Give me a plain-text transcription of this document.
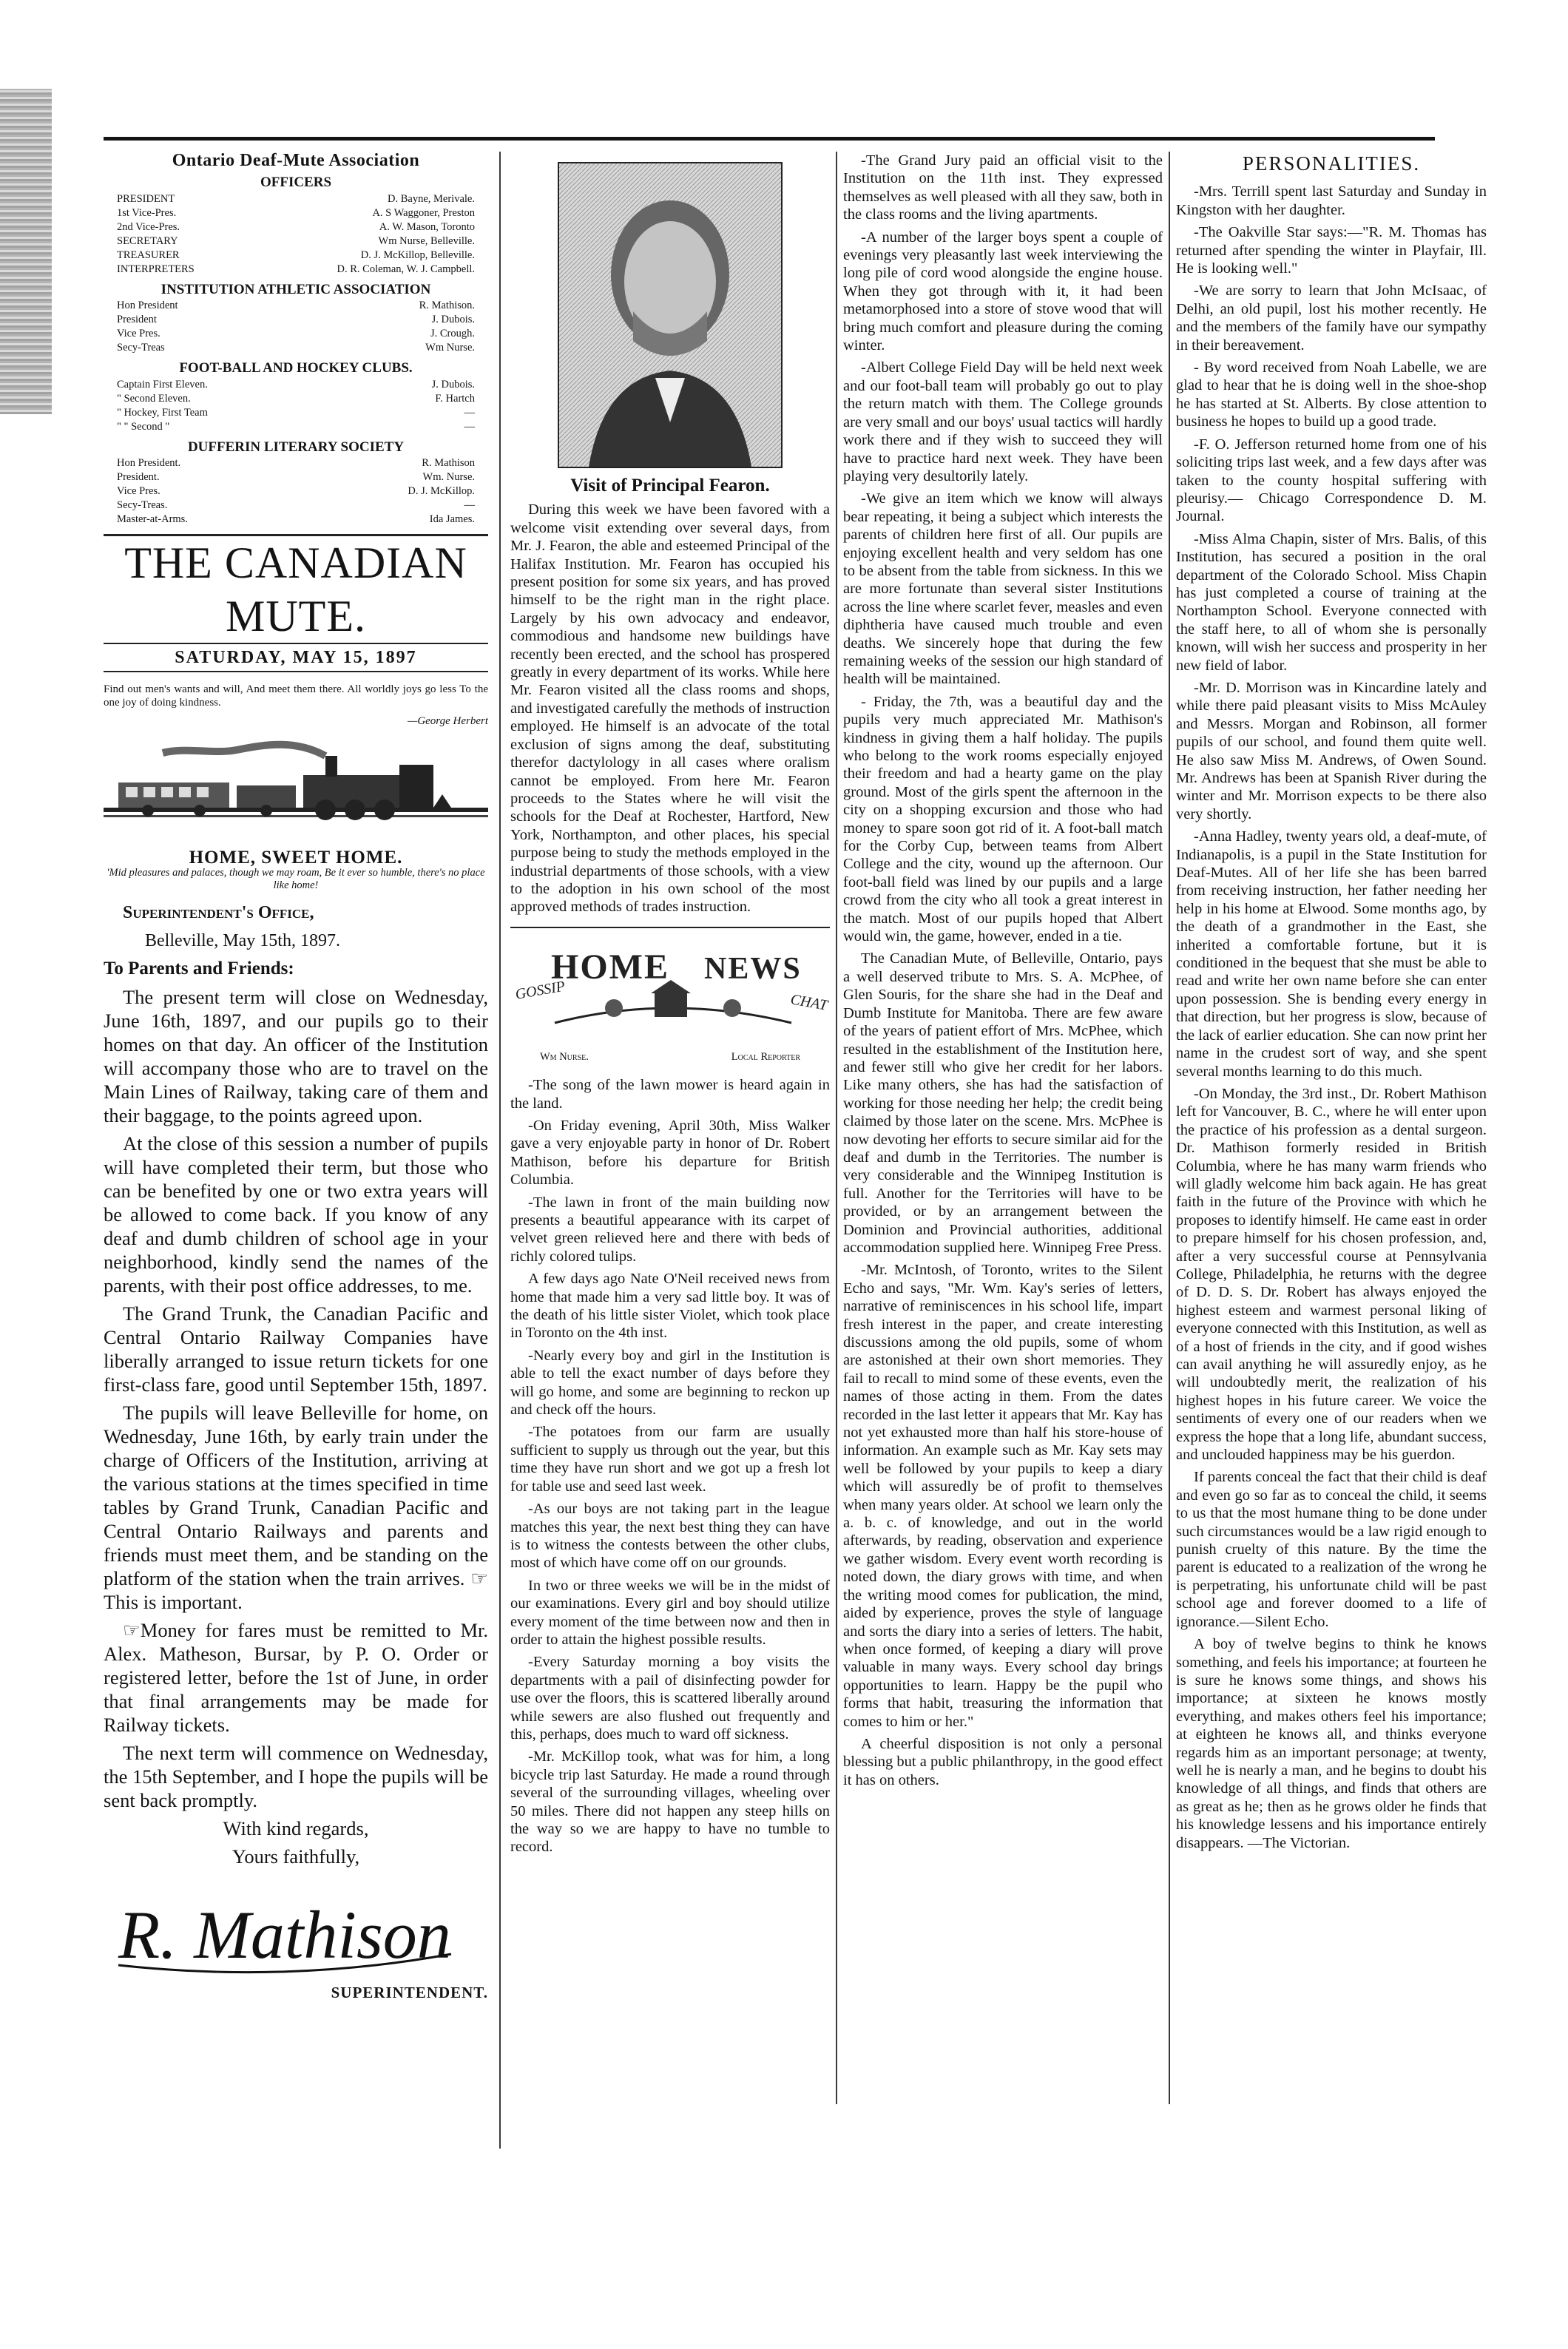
Ontario Deaf-Mute Association
OFFICERS
PRESIDENT	D. Bayne, Merivale.
1st Vice-Pres.	A. S Waggoner, Preston
2nd Vice-Pres.	A. W. Mason, Toronto
SECRETARY	Wm Nurse, Belleville.
TREASURER	D. J. McKillop, Belleville.
INTERPRETERS	D. R. Coleman, W. J. Campbell.
INSTITUTION ATHLETIC ASSOCIATION
Hon President	R. Mathison.
President	J. Dubois.
Vice Pres.	J. Crough.
Secy-Treas	Wm Nurse.
FOOT-BALL AND HOCKEY CLUBS.
Captain First Eleven.	J. Dubois.
" Second Eleven.	F. Hartch
" Hockey, First Team	—
" " Second "	—
DUFFERIN LITERARY SOCIETY
Hon President.	R. Mathison
President.	Wm. Nurse.
Vice Pres.	D. J. McKillop.
Secy-Treas.	—
Master-at-Arms.	Ida James.
THE CANADIAN MUTE.
SATURDAY, MAY 15, 1897
Find out men's wants and will, And meet them there. All worldly joys go less To the one joy of doing kindness.
—George Herbert
HOME, SWEET HOME.
'Mid pleasures and palaces, though we may roam, Be it ever so humble, there's no place like home!

Superintendent's Office,

Belleville, May 15th, 1897.

To Parents and Friends:

The present term will close on Wednesday, June 16th, 1897, and our pupils go to their homes on that day. An officer of the Institution will accompany those who are to travel on the Main Lines of Railway, taking care of them and their baggage, to the points agreed upon.

At the close of this session a number of pupils will have completed their term, but those who can be benefited by one or two extra years will be allowed to come back. If you know of any deaf and dumb children of school age in your neighborhood, kindly send the names of the parents, with their post office addresses, to me.

The Grand Trunk, the Canadian Pacific and Central Ontario Railway Companies have liberally arranged to issue return tickets for one first-class fare, good until September 15th, 1897.

The pupils will leave Belleville for home, on Wednesday, June 16th, by early train under the charge of Officers of the Institution, arriving at the various stations at the times specified in time tables by Grand Trunk, Canadian Pacific and Central Ontario Railways and parents and friends must meet them, and be standing on the platform of the station when the train arrives. ☞This is important.

☞Money for fares must be remitted to Mr. Alex. Matheson, Bursar, by P. O. Order or registered letter, before the 1st of June, in order that final arrangements may be made for Railway tickets.

The next term will commence on Wednesday, the 15th September, and I hope the pupils will be sent back promptly.

With kind regards,

Yours faithfully,

R. Mathison
SUPERINTENDENT.
Visit of Principal Fearon.

During this week we have been favored with a welcome visit extending over several days, from Mr. J. Fearon, the able and esteemed Principal of the Halifax Institution. Mr. Fearon has occupied his present position for some six years, and has proved himself to be the right man in the right place. Largely by his own advocacy and endeavor, commodious and handsome new buildings have recently been erected, and the school has prospered greatly in every department of its works. While here Mr. Fearon visited all the class rooms and shops, and investigated carefully the methods of instruction employed. He himself is an advocate of the total exclusion of signs among the deaf, substituting therefor dactylology in all cases where oralism cannot be employed. From here Mr. Fearon proceeds to the States where he will visit the schools for the Deaf at Rochester, Hartford, New York, Northampton, and other places, his special purpose being to study the methods employed in the industrial departments of those schools, with a view to the adoption in his own school of the most approved methods of trades instruction.

GOSSIP
HOME NEWS
CHAT
Wm Nurse.	Local Reporter

-The song of the lawn mower is heard again in the land.

-On Friday evening, April 30th, Miss Walker gave a very enjoyable party in honor of Dr. Robert Mathison, before his departure for British Columbia.

-The lawn in front of the main building now presents a beautiful appearance with its carpet of velvet green relieved here and there with beds of richly colored tulips.

A few days ago Nate O'Neil received news from home that made him a very sad little boy. It was of the death of his little sister Violet, which took place in Toronto on the 4th inst.

-Nearly every boy and girl in the Institution is able to tell the exact number of days before they will go home, and some are beginning to reckon up and check off the hours.

-The potatoes from our farm are usually sufficient to supply us through out the year, but this time they have run short and we got up a fresh lot for table use and seed last week.

-As our boys are not taking part in the league matches this year, the next best thing they can have is to witness the contests between the other clubs, most of which have come off on our grounds.

In two or three weeks we will be in the midst of our examinations. Every girl and boy should utilize every moment of the time between now and then in order to attain the highest possible results.

-Every Saturday morning a boy visits the departments with a pail of disinfecting powder for use over the floors, this is scattered liberally around while sewers are also flushed out frequently and this, perhaps, does much to ward off sickness.

-Mr. McKillop took, what was for him, a long bicycle trip last Saturday. He made a round through several of the surrounding villages, wheeling over 50 miles. There did not happen any steep hills on the way so we are happy to have no tumble to record.

-The Grand Jury paid an official visit to the Institution on the 11th inst. They expressed themselves as well pleased with all they saw, both in the class rooms and the living apartments.

-A number of the larger boys spent a couple of evenings very pleasantly last week interviewing the long pile of cord wood alongside the engine house. When they got through with it, it had been metamorphosed into a store of stove wood that will bring much comfort and pleasure during the coming winter.

-Albert College Field Day will be held next week and our foot-ball team will probably go out to play the return match with them. The College grounds are very small and our boys' usual tactics will hardly work there and if they wish to succeed they will have to practice hard next week. They have been playing very desultorily lately.

-We give an item which we know will always bear repeating, it being a subject which interests the parents of children here first of all. Our pupils are enjoying excellent health and very seldom has one to be absent from the table from sickness. In this we are more fortunate than several sister Institutions across the line where scarlet fever, measles and even diphtheria have caused much trouble and even deaths. We sincerely hope that during the few remaining weeks of the session our high standard of health will be maintained.

- Friday, the 7th, was a beautiful day and the pupils very much appreciated Mr. Mathison's kindness in giving them a half holiday. The pupils who belong to the work rooms especially enjoyed their freedom and had a hearty game on the play ground. Most of the girls spent the afternoon in the city on a shopping excursion and those who had money to spare soon got rid of it. A foot-ball match for the Corby Cup, between teams from Albert College and the city, wound up the afternoon. Our foot-ball field was lined by our pupils and a large crowd from the city who all took a great interest in the match. Most of our pupils hoped that Albert would win, the game, however, ended in a tie.

The Canadian Mute, of Belleville, Ontario, pays a well deserved tribute to Mrs. S. A. McPhee, of Glen Souris, for the share she had in the Deaf and Dumb Institute for Manitoba. There are few aware of the years of patient effort of Mrs. McPhee, which resulted in the establishment of the Institution here, and fewer still who give her credit for her labors. Like many others, she has had the satisfaction of working for those needing her help; the credit being claimed by those later on the scene. Mrs. McPhee is now devoting her efforts to secure similar aid for the deaf and dumb in the Territories. The number is very considerable and the Winnipeg Institution is full. Another for the Territories will have to be provided, or by an arrangement between the Dominion and Provincial authorities, additional accommodation supplied here. Winnipeg Free Press.

-Mr. McIntosh, of Toronto, writes to the Silent Echo and says, "Mr. Wm. Kay's series of letters, narrative of reminiscences in his school life, impart fresh interest in the paper, and create interesting discussions among the old pupils, some of whom are astonished at their own short memories. They fail to recall to mind some of these events, even the names of those acting in them. From the dates recorded in the last letter it appears that Mr. Kay has not yet exhausted more than half his store-house of information. An example such as Mr. Kay sets may well be followed by your pupils to keep a diary which will assuredly be of profit to themselves when many years older. At school we learn only the a. b. c. of knowledge, and out in the world afterwards, by reading, observation and experience we gather wisdom. Every event worth recording is noted down, the diary grows with time, and when the writing mood comes for publication, the mind, aided by experience, proves the style of language and sorts the diary into a series of letters. The habit, when once formed, of keeping a diary will prove valuable in many ways. Every school day brings opportunities to learn. Happy be the pupil who forms that habit, treasuring the information that comes to him or her."

A cheerful disposition is not only a personal blessing but a public philanthropy, in the good effect it has on others.

PERSONALITIES.

-Mrs. Terrill spent last Saturday and Sunday in Kingston with her daughter.

-The Oakville Star says:—"R. M. Thomas has returned after spending the winter in Playfair, Ill. He is looking well."

-We are sorry to learn that John McIsaac, of Delhi, an old pupil, lost his mother recently. He and the members of the family have our sympathy in their bereavement.

- By word received from Noah Labelle, we are glad to hear that he is doing well in the shoe-shop he has started at St. Alberts. By close attention to business he hopes to build up a good trade.

-F. O. Jefferson returned home from one of his soliciting trips last week, and a few days after was taken to the county hospital suffering with pleurisy.— Chicago Correspondence D. M. Journal.

-Miss Alma Chapin, sister of Mrs. Balis, of this Institution, has secured a position in the oral department of the Colorado School. Miss Chapin has just completed a course of training at the Northampton School. Everyone connected with the staff here, to all of whom she is personally known, will wish her success and prosperity in her new field of labor.

-Mr. D. Morrison was in Kincardine lately and while there paid pleasant visits to Miss McAuley and Messrs. Morgan and Robinson, all former pupils of our school, and found them quite well. He also saw Miss M. Andrews, of Owen Sound. Mr. Andrews has been at Spanish River during the winter and Mr. Morrison expects to be there also very shortly.

-Anna Hadley, twenty years old, a deaf-mute, of Indianapolis, is a pupil in the State Institution for Deaf-Mutes. All of her life she has been barred from receiving instruction, her father needing her help in his home at Elwood. Some months ago, by the death of a grandmother in the East, she inherited a comfortable fortune, but it is conditioned in the bequest that she must be able to read and write her own name before she can enter upon possession. She is bending every energy in that direction, but her progress is slow, because of the lack of earlier education. She can now print her name in the crudest sort of way, and she spent several months learning to do this much.

-On Monday, the 3rd inst., Dr. Robert Mathison left for Vancouver, B. C., where he will enter upon the practice of his profession as a dental surgeon. Dr. Mathison formerly resided in British Columbia, where he has many warm friends who will gladly welcome him back again. He has great faith in the future of the Province with which he proposes to identify himself. He came east in order to prepare himself for his chosen profession, and, after a very successful course at Pennsylvania College, Philadelphia, he returns with the degree of D. D. S. Dr. Robert has always enjoyed the highest esteem and warmest personal liking of everyone connected with this Institution, as well as of a host of friends in the city, and if good wishes can avail anything he will assuredly enjoy, as he will undoubtedly merit, the realization of his highest hopes in his future career. We voice the sentiments of every one of our readers when we express the hope that a long life, abundant success, and unclouded happiness may be his guerdon.

If parents conceal the fact that their child is deaf and even go so far as to conceal the child, it seems to us that the most humane thing to be done under such circumstances would be a law rigid enough to punish cruelty of this nature. By the time the parent is educated to a realization of the wrong he is perpetrating, his unfortunate child will be past school age and forever doomed to a life of ignorance.—Silent Echo.

A boy of twelve begins to think he knows something, and feels his importance; at fourteen he is sure he knows some things, and shows his importance; at sixteen he knows mostly everything, and makes others feel his importance; at eighteen he knows all, and thinks everyone regards him as an important personage; at twenty, well he is nearly a man, and he begins to doubt his knowledge of all things, and finds that others are as great as he; then as he grows older he finds that his knowledge lessens and his importance entirely disappears. —The Victorian.
